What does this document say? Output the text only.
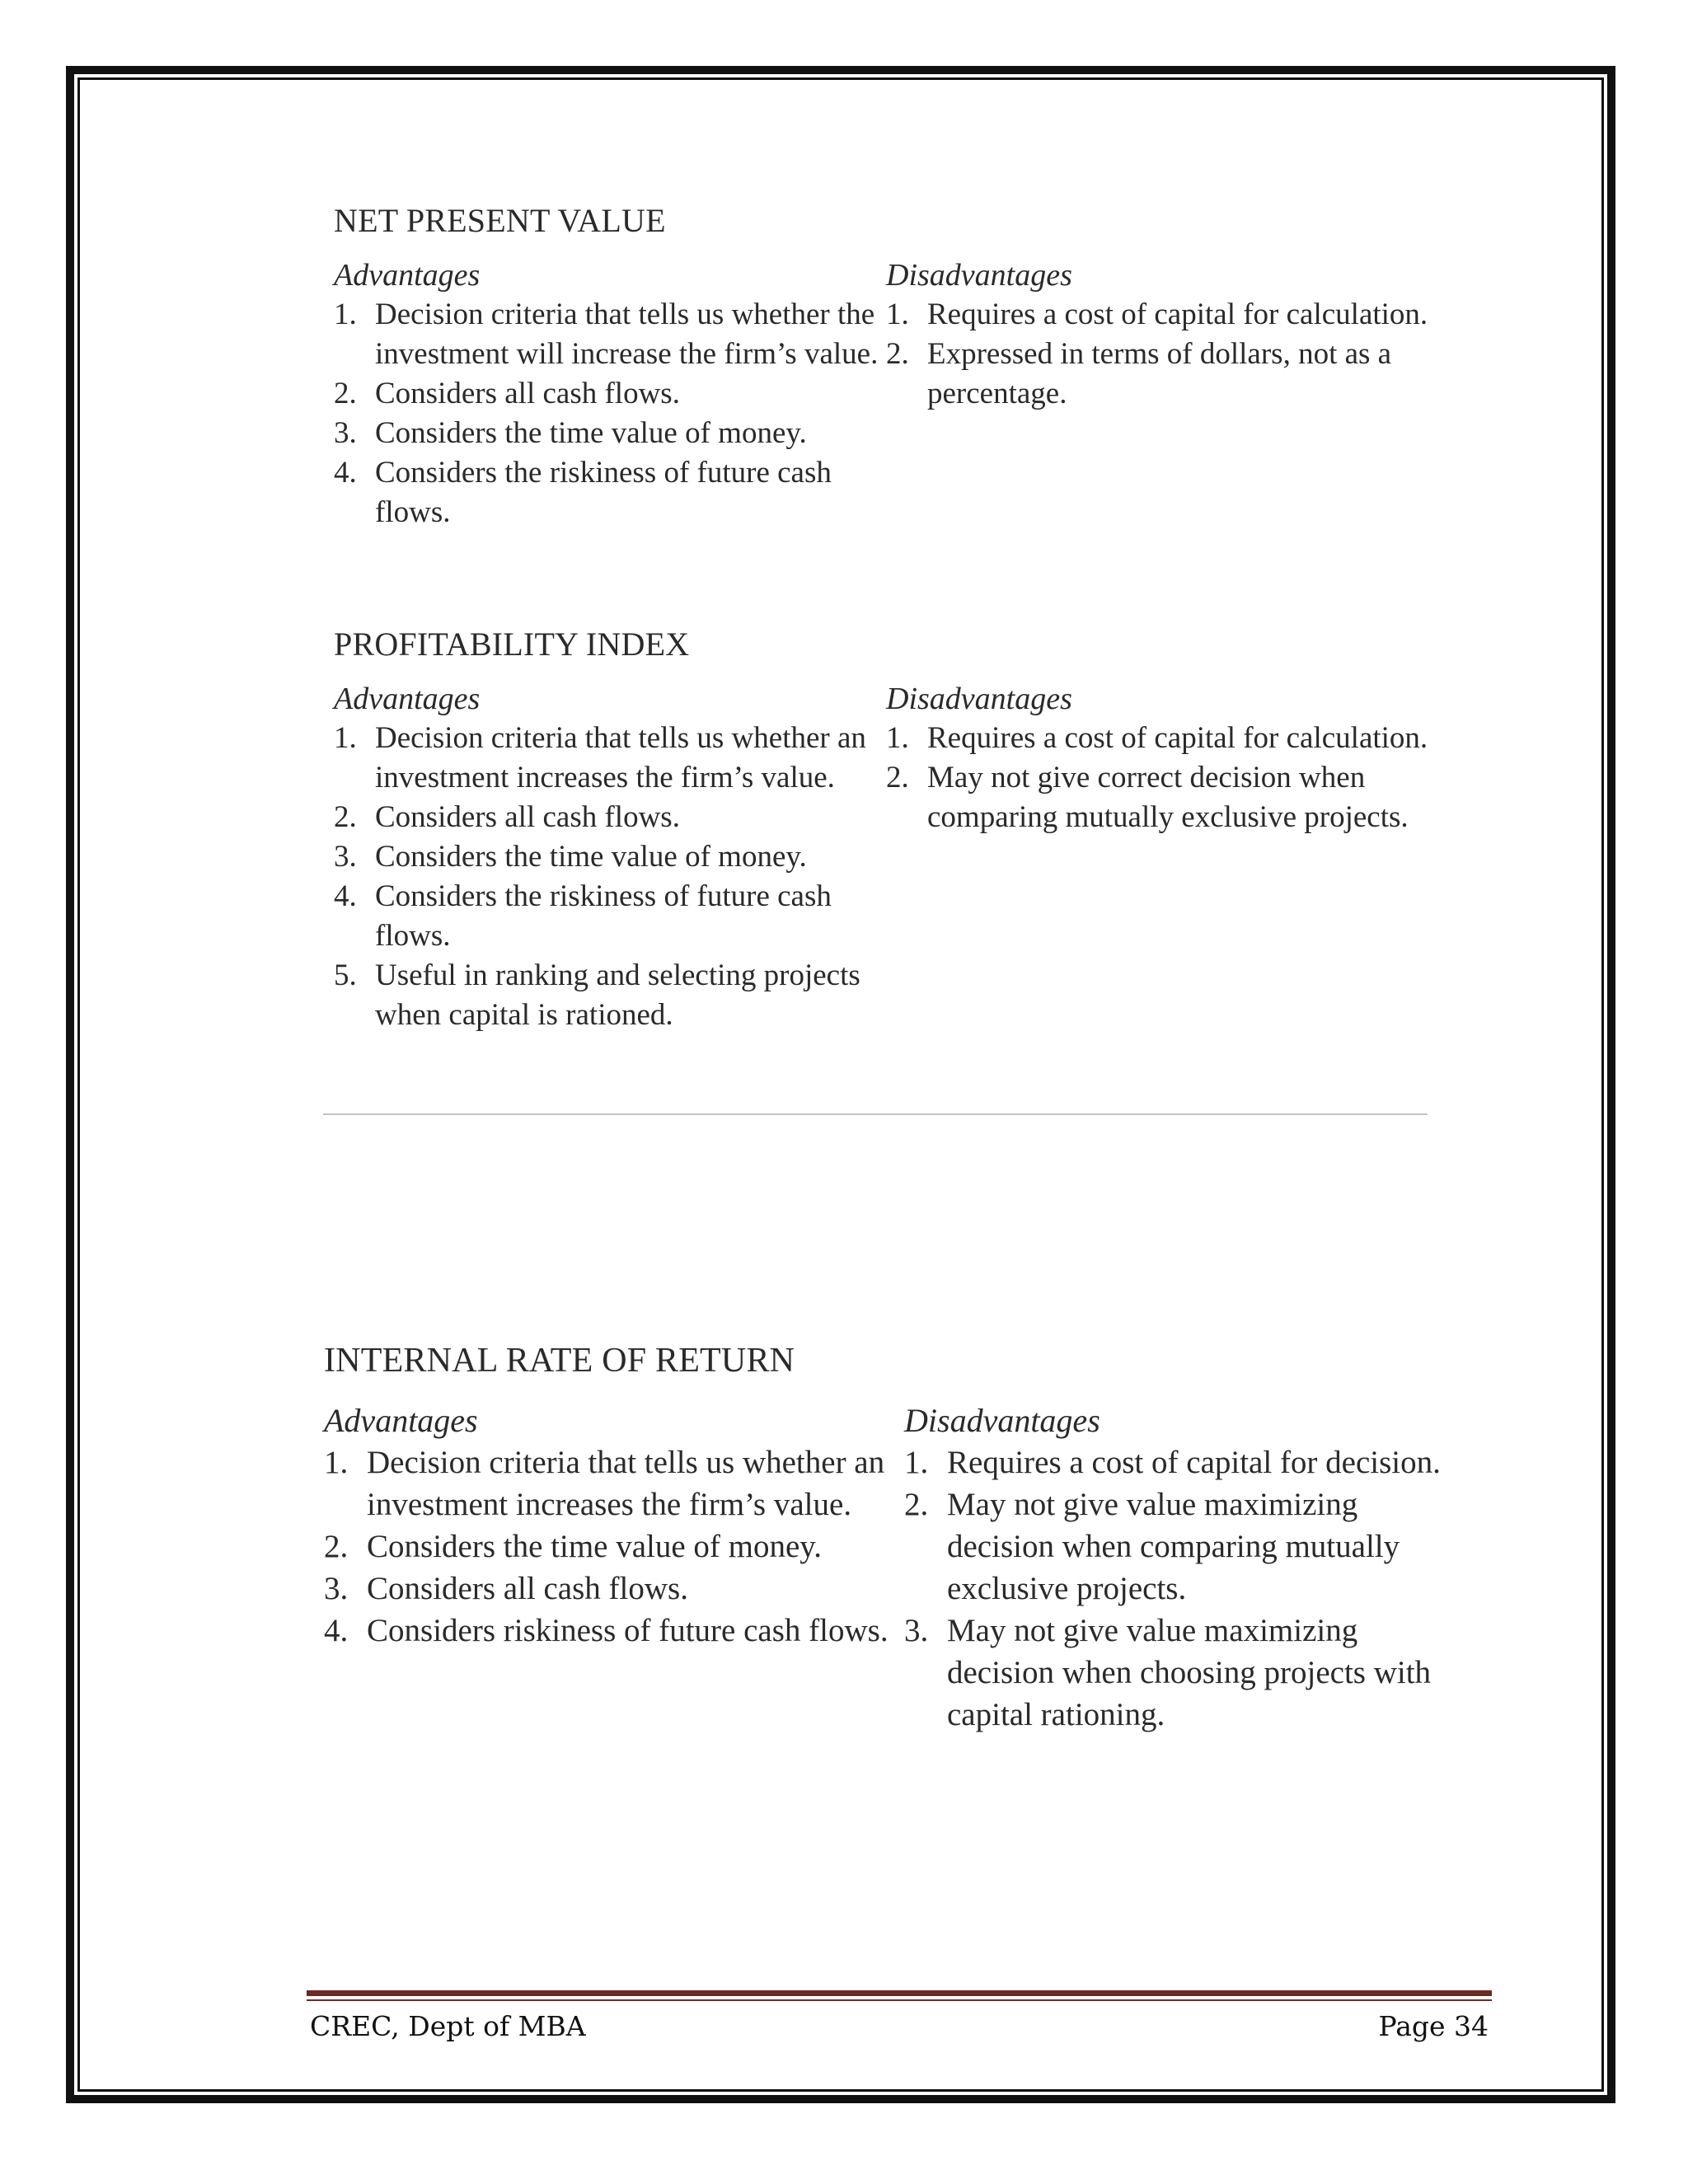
NET PRESENT VALUE

Advantages

1. Decision criteria that tells us whether the investment will increase the firm’s value.
2. Considers all cash flows.
3. Considers the time value of money.
4. Considers the riskiness of future cash flows.

Disadvantages

1. Requires a cost of capital for calculation.
2. Expressed in terms of dollars, not as a percentage.
PROFITABILITY INDEX

Advantages

1. Decision criteria that tells us whether an investment increases the firm’s value.
2. Considers all cash flows.
3. Considers the time value of money.
4. Considers the riskiness of future cash flows.
5. Useful in ranking and selecting projects when capital is rationed.

Disadvantages

1. Requires a cost of capital for calculation.
2. May not give correct decision when comparing mutually exclusive projects.
INTERNAL RATE OF RETURN

Advantages

1. Decision criteria that tells us whether an investment increases the firm’s value.
2. Considers the time value of money.
3. Considers all cash flows.
4. Considers riskiness of future cash flows.

Disadvantages

1. Requires a cost of capital for decision.
2. May not give value maximizing decision when comparing mutually exclusive projects.
3. May not give value maximizing decision when choosing projects with capital rationing.
CREC, Dept of MBA	Page 34
